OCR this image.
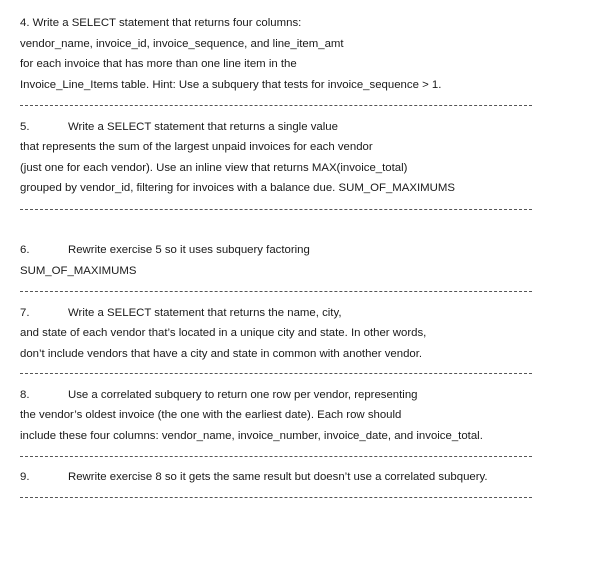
4. Write a SELECT statement that returns four columns:
vendor_name, invoice_id, invoice_sequence, and line_item_amt
for each invoice that has more than one line item in the
Invoice_Line_Items table. Hint: Use a subquery that tests for invoice_sequence > 1.
5.	Write a SELECT statement that returns a single value
that represents the sum of the largest unpaid invoices for each vendor
(just one for each vendor). Use an inline view that returns MAX(invoice_total)
grouped by vendor_id, filtering for invoices with a balance due. SUM_OF_MAXIMUMS
6.	Rewrite exercise 5 so it uses subquery factoring
SUM_OF_MAXIMUMS
7.	Write a SELECT statement that returns the name, city,
and state of each vendor that’s located in a unique city and state. In other words,
don’t include vendors that have a city and state in common with another vendor.
8.	Use a correlated subquery to return one row per vendor, representing
the vendor’s oldest invoice (the one with the earliest date). Each row should
include these four columns: vendor_name, invoice_number, invoice_date, and invoice_total.
9.	Rewrite exercise 8 so it gets the same result but doesn’t use a correlated subquery.
